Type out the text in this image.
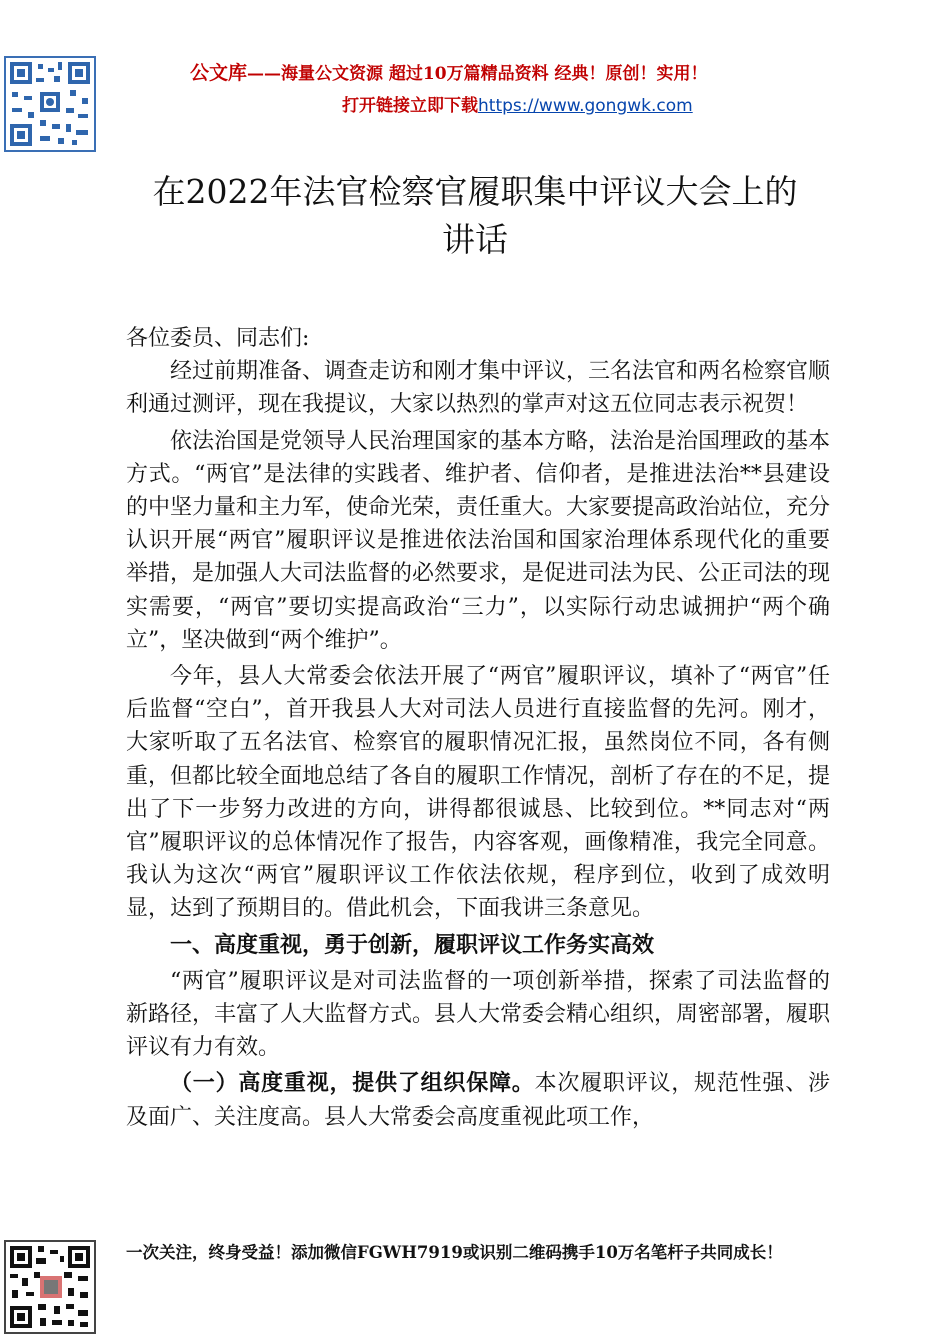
公文库——海量公文资源 超过10万篇精品资料 经典！原创！实用！
打开链接立即下载https://www.gongwk.com
在2022年法官检察官履职集中评议大会上的
讲话

各位委员、同志们:

经过前期准备、调查走访和刚才集中评议，三名法官和两名检察官顺利通过测评，现在我提议，大家以热烈的掌声对这五位同志表示祝贺！

依法治国是党领导人民治理国家的基本方略，法治是治国理政的基本方式。“两官”是法律的实践者、维护者、信仰者，是推进法治**县建设的中坚力量和主力军，使命光荣，责任重大。大家要提高政治站位，充分认识开展“两官”履职评议是推进依法治国和国家治理体系现代化的重要举措，是加强人大司法监督的必然要求，是促进司法为民、公正司法的现实需要，“两官”要切实提高政治“三力”，以实际行动忠诚拥护“两个确立”，坚决做到“两个维护”。

今年，县人大常委会依法开展了“两官”履职评议，填补了“两官”任后监督“空白”，首开我县人大对司法人员进行直接监督的先河。刚才，大家听取了五名法官、检察官的履职情况汇报，虽然岗位不同，各有侧重，但都比较全面地总结了各自的履职工作情况，剖析了存在的不足，提出了下一步努力改进的方向，讲得都很诚恳、比较到位。**同志对“两官”履职评议的总体情况作了报告，内容客观，画像精准，我完全同意。我认为这次“两官”履职评议工作依法依规，程序到位，收到了成效明显，达到了预期目的。借此机会，下面我讲三条意见。

一、高度重视，勇于创新，履职评议工作务实高效

“两官”履职评议是对司法监督的一项创新举措，探索了司法监督的新路径，丰富了人大监督方式。县人大常委会精心组织，周密部署，履职评议有力有效。

（一）高度重视，提供了组织保障。本次履职评议，规范性强、涉及面广、关注度高。县人大常委会高度重视此项工作，

一次关注，终身受益！添加微信FGWH7919或识别二维码携手10万名笔杆子共同成长！
